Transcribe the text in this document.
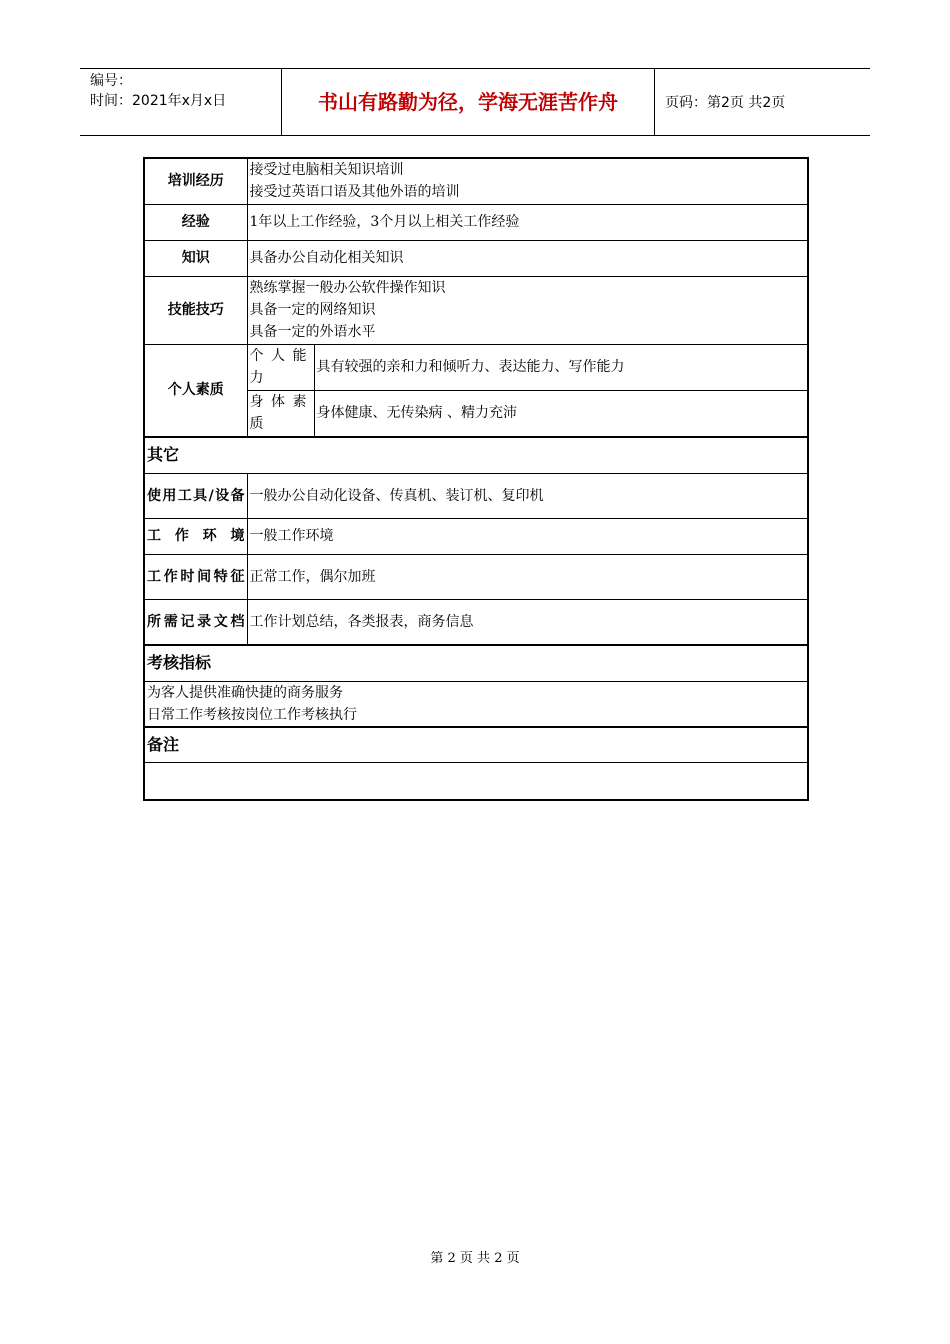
编号：
时间：2021年x月x日	书山有路勤为径，学海无涯苦作舟	页码：第2页 共2页
培训经历	接受过电脑相关知识培训
接受过英语口语及其他外语的培训	

经验	1年以上工作经验，3个月以上相关工作经验	
知识	具备办公自动化相关知识	
技能技巧	熟练掌握一般办公软件操作知识
具备一定的网络知识
具备一定的外语水平	

个人素质	个人能力	具有较强的亲和力和倾听力、表达能力、写作能力
	身体素质	身体健康、无传染病 、精力充沛
其它		
使用工具/设备	一般办公自动化设备、传真机、装订机、复印机	
工作环境	一般工作环境	
工作时间特征	正常工作，偶尔加班	
所需记录文档	工作计划总结，各类报表，商务信息	
考核指标		

为客人提供准确快捷的商务服务
日常工作考核按岗位工作考核执行		

备注		

第 2 页 共 2 页
